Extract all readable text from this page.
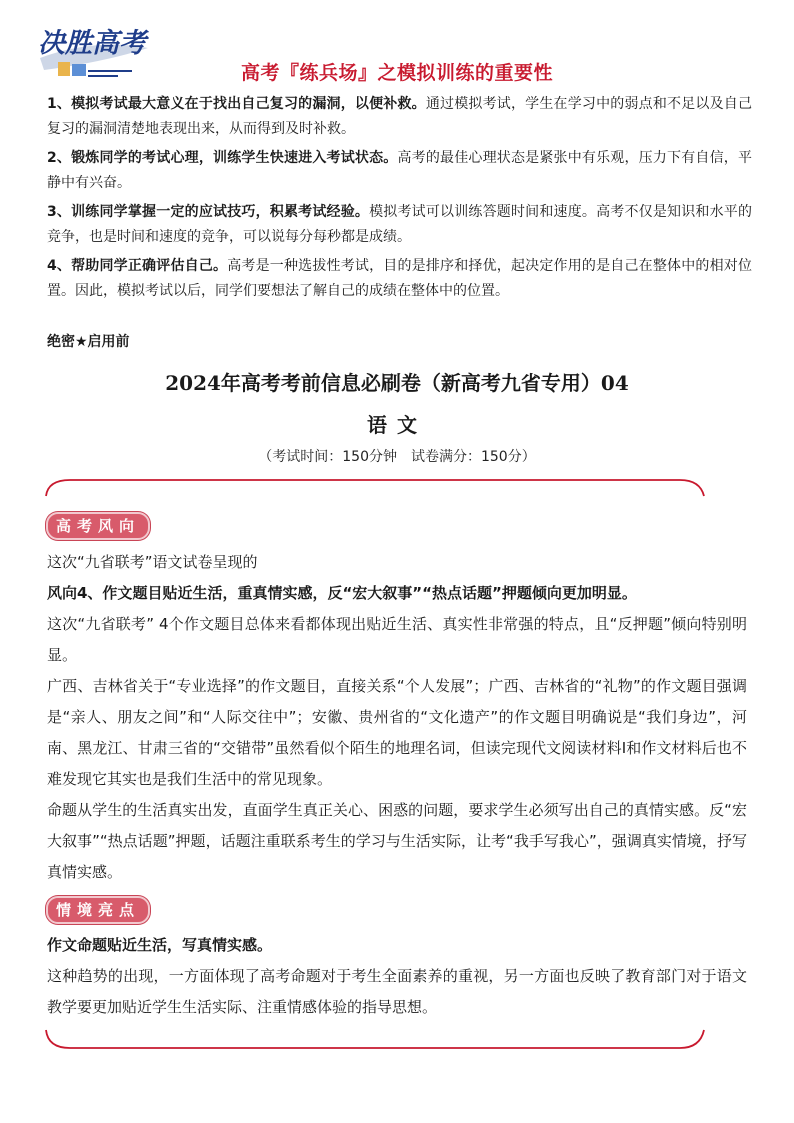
决胜高考
高考『练兵场』之模拟训练的重要性

1、模拟考试最大意义在于找出自己复习的漏洞，以便补救。通过模拟考试，学生在学习中的弱点和不足以及自己复习的漏洞清楚地表现出来，从而得到及时补救。

2、锻炼同学的考试心理，训练学生快速进入考试状态。高考的最佳心理状态是紧张中有乐观，压力下有自信，平静中有兴奋。

3、训练同学掌握一定的应试技巧，积累考试经验。模拟考试可以训练答题时间和速度。高考不仅是知识和水平的竞争，也是时间和速度的竞争，可以说每分每秒都是成绩。

4、帮助同学正确评估自己。高考是一种选拔性考试，目的是排序和择优，起决定作用的是自己在整体中的相对位置。因此，模拟考试以后，同学们要想法了解自己的成绩在整体中的位置。

绝密★启用前
2024年高考考前信息必刷卷（新高考九省专用）04
语文
（考试时间：150分钟　试卷满分：150分）
高考风向

这次“九省联考”语文试卷呈现的

风向4、作文题目贴近生活，重真情实感，反“宏大叙事”“热点话题”押题倾向更加明显。

这次“九省联考” 4个作文题目总体来看都体现出贴近生活、真实性非常强的特点，且“反押题”倾向特别明显。

广西、吉林省关于“专业选择”的作文题目，直接关系“个人发展”；广西、吉林省的“礼物”的作文题目强调是“亲人、朋友之间”和“人际交往中”；安徽、贵州省的“文化遗产”的作文题目明确说是“我们身边”，河南、黑龙江、甘肃三省的“交错带”虽然看似个陌生的地理名词，但读完现代文阅读材料Ⅰ和作文材料后也不难发现它其实也是我们生活中的常见现象。

命题从学生的生活真实出发，直面学生真正关心、困惑的问题，要求学生必须写出自己的真情实感。反“宏大叙事”“热点话题”押题，话题注重联系考生的学习与生活实际，让考“我手写我心”，强调真实情境，抒写真情实感。

情境亮点

作文命题贴近生活，写真情实感。

这种趋势的出现，一方面体现了高考命题对于考生全面素养的重视，另一方面也反映了教育部门对于语文教学要更加贴近学生生活实际、注重情感体验的指导思想。
